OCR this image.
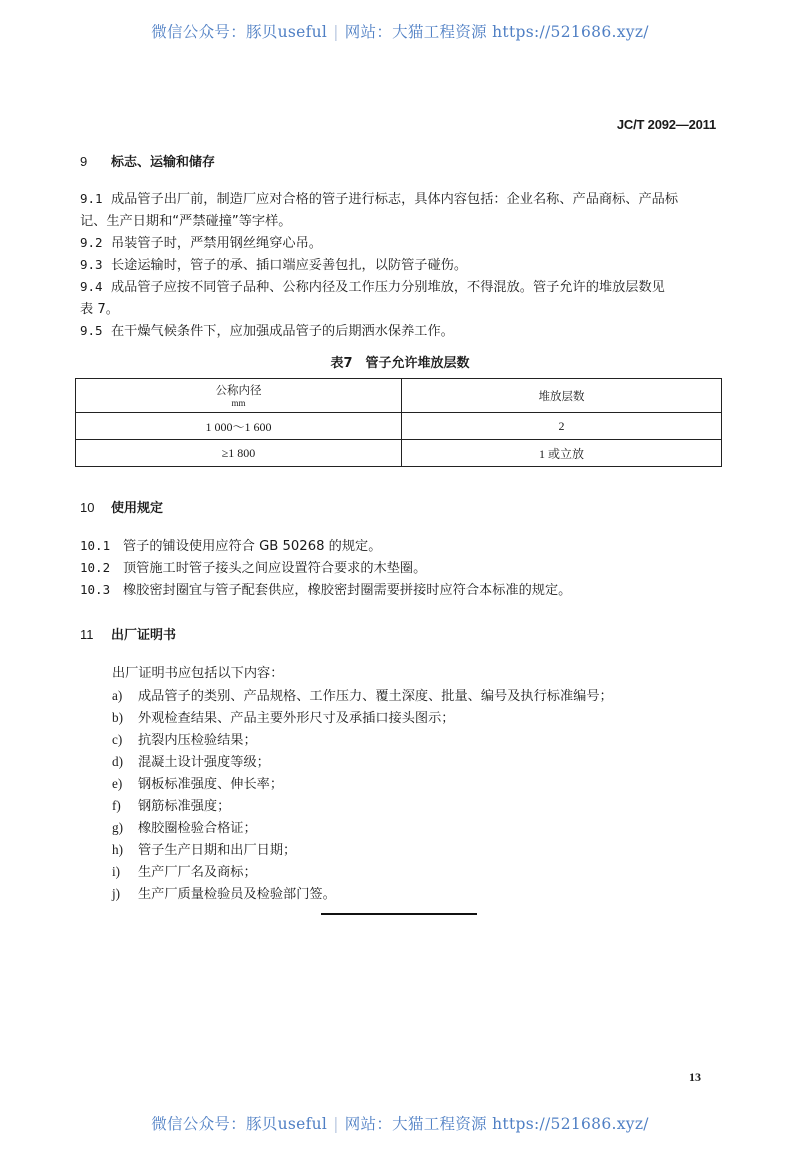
微信公众号：豚贝useful | 网站：大猫工程资源 https://521686.xyz/
JC/T 2092—2011
9 标志、运输和储存
9.1 成品管子出厂前，制造厂应对合格的管子进行标志，具体内容包括：企业名称、产品商标、产品标
记、生产日期和“严禁碰撞”等字样。
9.2 吊装管子时，严禁用钢丝绳穿心吊。
9.3 长途运输时，管子的承、插口端应妥善包扎，以防管子碰伤。
9.4 成品管子应按不同管子品种、公称内径及工作压力分别堆放，不得混放。管子允许的堆放层数见
表 7。
9.5 在干燥气候条件下，应加强成品管子的后期洒水保养工作。
表7　管子允许堆放层数
公称内径
mm	堆放层数
1 000～1 600	2
≥1 800	1 或立放
10 使用规定
10.1 管子的铺设使用应符合 GB 50268 的规定。
10.2 顶管施工时管子接头之间应设置符合要求的木垫圈。
10.3 橡胶密封圈宜与管子配套供应，橡胶密封圈需要拼接时应符合本标准的规定。
11 出厂证明书
出厂证明书应包括以下内容：
a) 成品管子的类别、产品规格、工作压力、覆土深度、批量、编号及执行标准编号；
b) 外观检查结果、产品主要外形尺寸及承插口接头图示；
c) 抗裂内压检验结果；
d) 混凝土设计强度等级；
e) 钢板标准强度、伸长率；
f) 钢筋标准强度；
g) 橡胶圈检验合格证；
h) 管子生产日期和出厂日期；
i) 生产厂厂名及商标；
j) 生产厂质量检验员及检验部门签。
13
微信公众号：豚贝useful | 网站：大猫工程资源 https://521686.xyz/
